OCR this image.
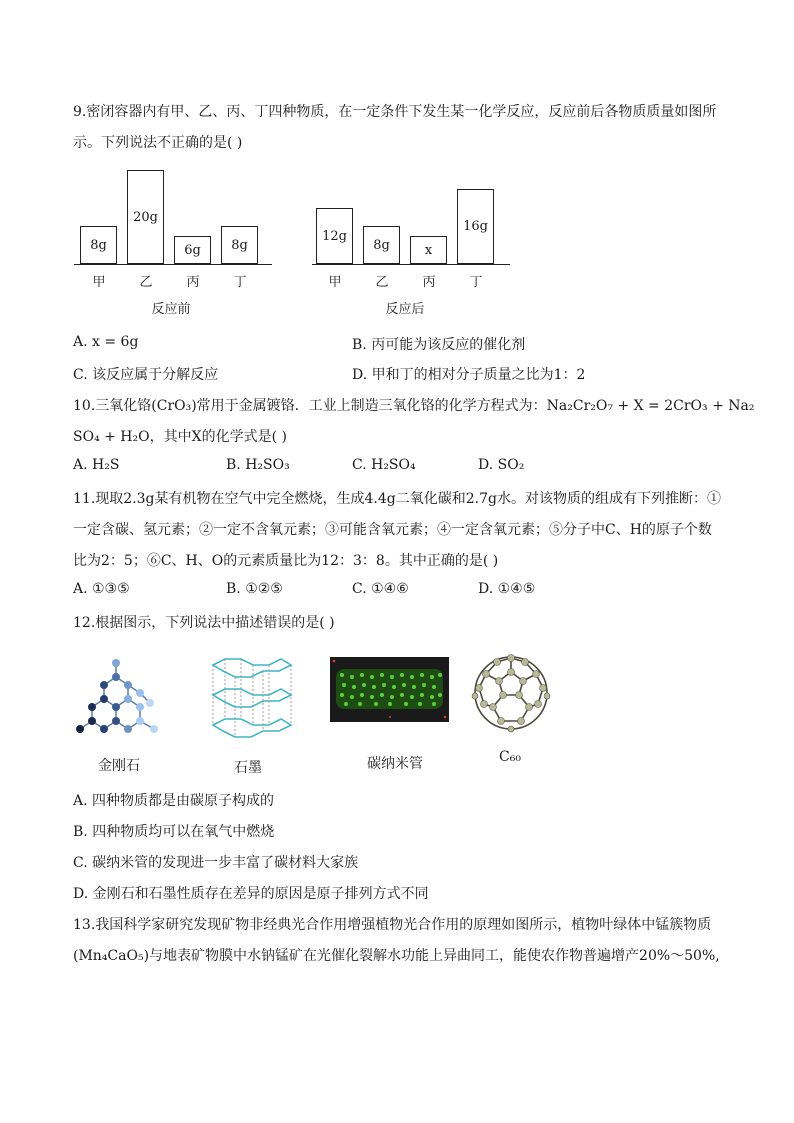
9.密闭容器内有甲、乙、丙、丁四种物质，在一定条件下发生某一化学反应，反应前后各物质质量如图所
示。下列说法不正确的是( )
反应前	反应后
A. x = 6g	B. 丙可能为该反应的催化剂
C. 该反应属于分解反应	D. 甲和丁的相对分子质量之比为1：2
10.三氧化铬(CrO₃)常用于金属镀铬．工业上制造三氧化铬的化学方程式为：Na₂Cr₂O₇ + X = 2CrO₃ + Na₂
SO₄ + H₂O，其中X的化学式是( )
A. H₂S	B. H₂SO₃	C. H₂SO₄	D. SO₂
11.现取2.3g某有机物在空气中完全燃烧，生成4.4g二氧化碳和2.7g水。对该物质的组成有下列推断：①
一定含碳、氢元素；②一定不含氧元素；③可能含氧元素；④一定含氧元素；⑤分子中C、H的原子个数
比为2：5；⑥C、H、O的元素质量比为12：3：8。其中正确的是( )
A. ①③⑤	B. ①②⑤	C. ①④⑥	D. ①④⑤
12.根据图示，下列说法中描述错误的是( )
金刚石	石墨	碳纳米管	C₆₀
A. 四种物质都是由碳原子构成的
B. 四种物质均可以在氧气中燃烧
C. 碳纳米管的发现进一步丰富了碳材料大家族
D. 金刚石和石墨性质存在差异的原因是原子排列方式不同
13.我国科学家研究发现矿物非经典光合作用增强植物光合作用的原理如图所示，植物叶绿体中锰簇物质
(Mn₄CaO₅)与地表矿物膜中水钠锰矿在光催化裂解水功能上异曲同工，能使农作物普遍增产20%～50%,
8g
甲
20g
乙
6g
丙
8g
丁
12g
甲
8g
乙
x
丙
16g
丁
